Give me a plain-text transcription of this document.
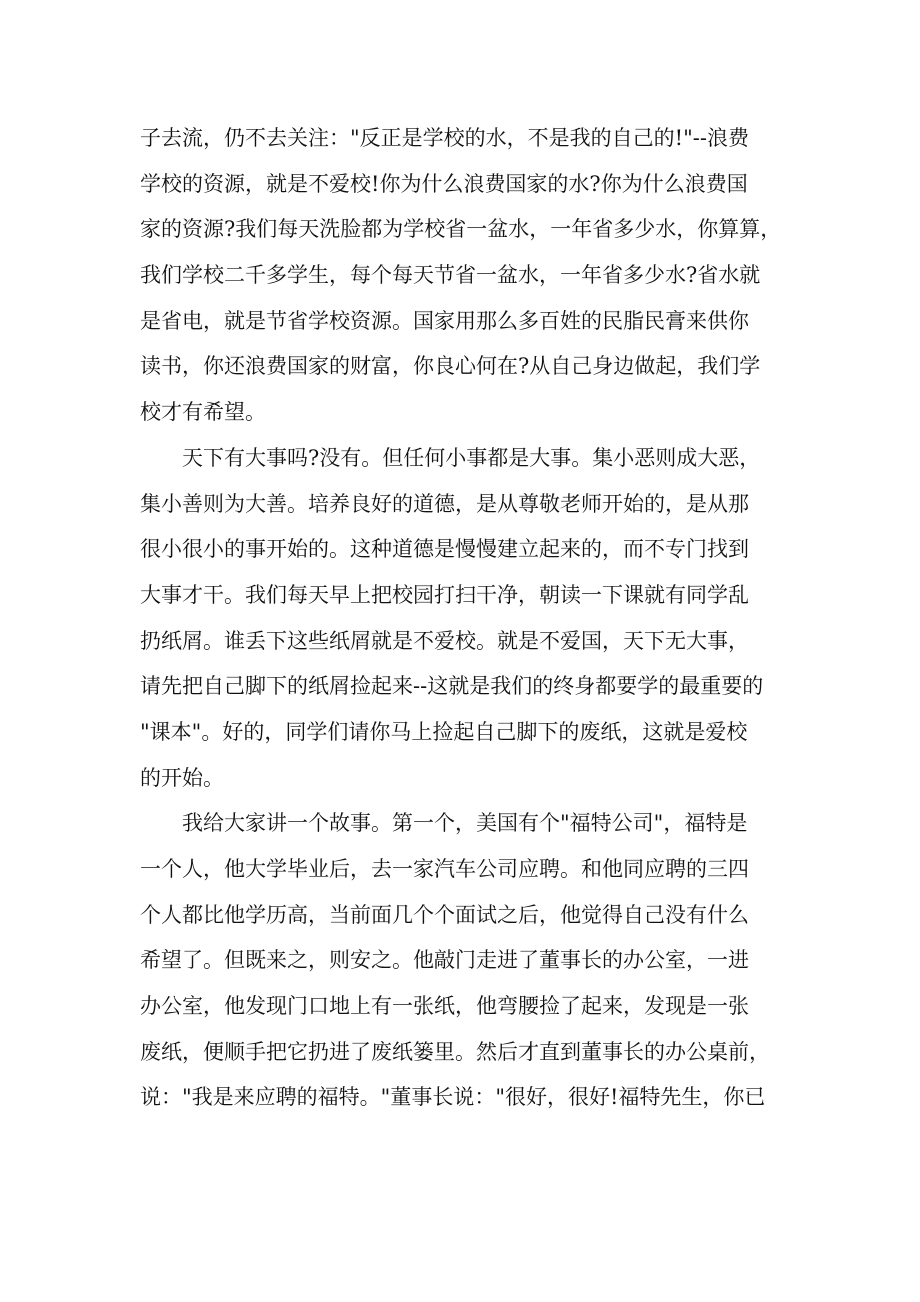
子去流，仍不去关注："反正是学校的水，不是我的自己的!"--浪费
学校的资源，就是不爱校!你为什么浪费国家的水?你为什么浪费国
家的资源?我们每天洗脸都为学校省一盆水，一年省多少水，你算算，
我们学校二千多学生，每个每天节省一盆水，一年省多少水?省水就
是省电，就是节省学校资源。国家用那么多百姓的民脂民膏来供你
读书，你还浪费国家的财富，你良心何在?从自己身边做起，我们学
校才有希望。
天下有大事吗?没有。但任何小事都是大事。集小恶则成大恶，
集小善则为大善。培养良好的道德，是从尊敬老师开始的，是从那
很小很小的事开始的。这种道德是慢慢建立起来的，而不专门找到
大事才干。我们每天早上把校园打扫干净，朝读一下课就有同学乱
扔纸屑。谁丢下这些纸屑就是不爱校。就是不爱国，天下无大事，
请先把自己脚下的纸屑捡起来--这就是我们的终身都要学的最重要的
"课本"。好的，同学们请你马上捡起自己脚下的废纸，这就是爱校
的开始。
我给大家讲一个故事。第一个，美国有个"福特公司"，福特是
一个人，他大学毕业后，去一家汽车公司应聘。和他同应聘的三四
个人都比他学历高，当前面几个个面试之后，他觉得自己没有什么
希望了。但既来之，则安之。他敲门走进了董事长的办公室，一进
办公室，他发现门口地上有一张纸，他弯腰捡了起来，发现是一张
废纸，便顺手把它扔进了废纸篓里。然后才直到董事长的办公桌前，
说："我是来应聘的福特。"董事长说："很好，很好!福特先生，你已
